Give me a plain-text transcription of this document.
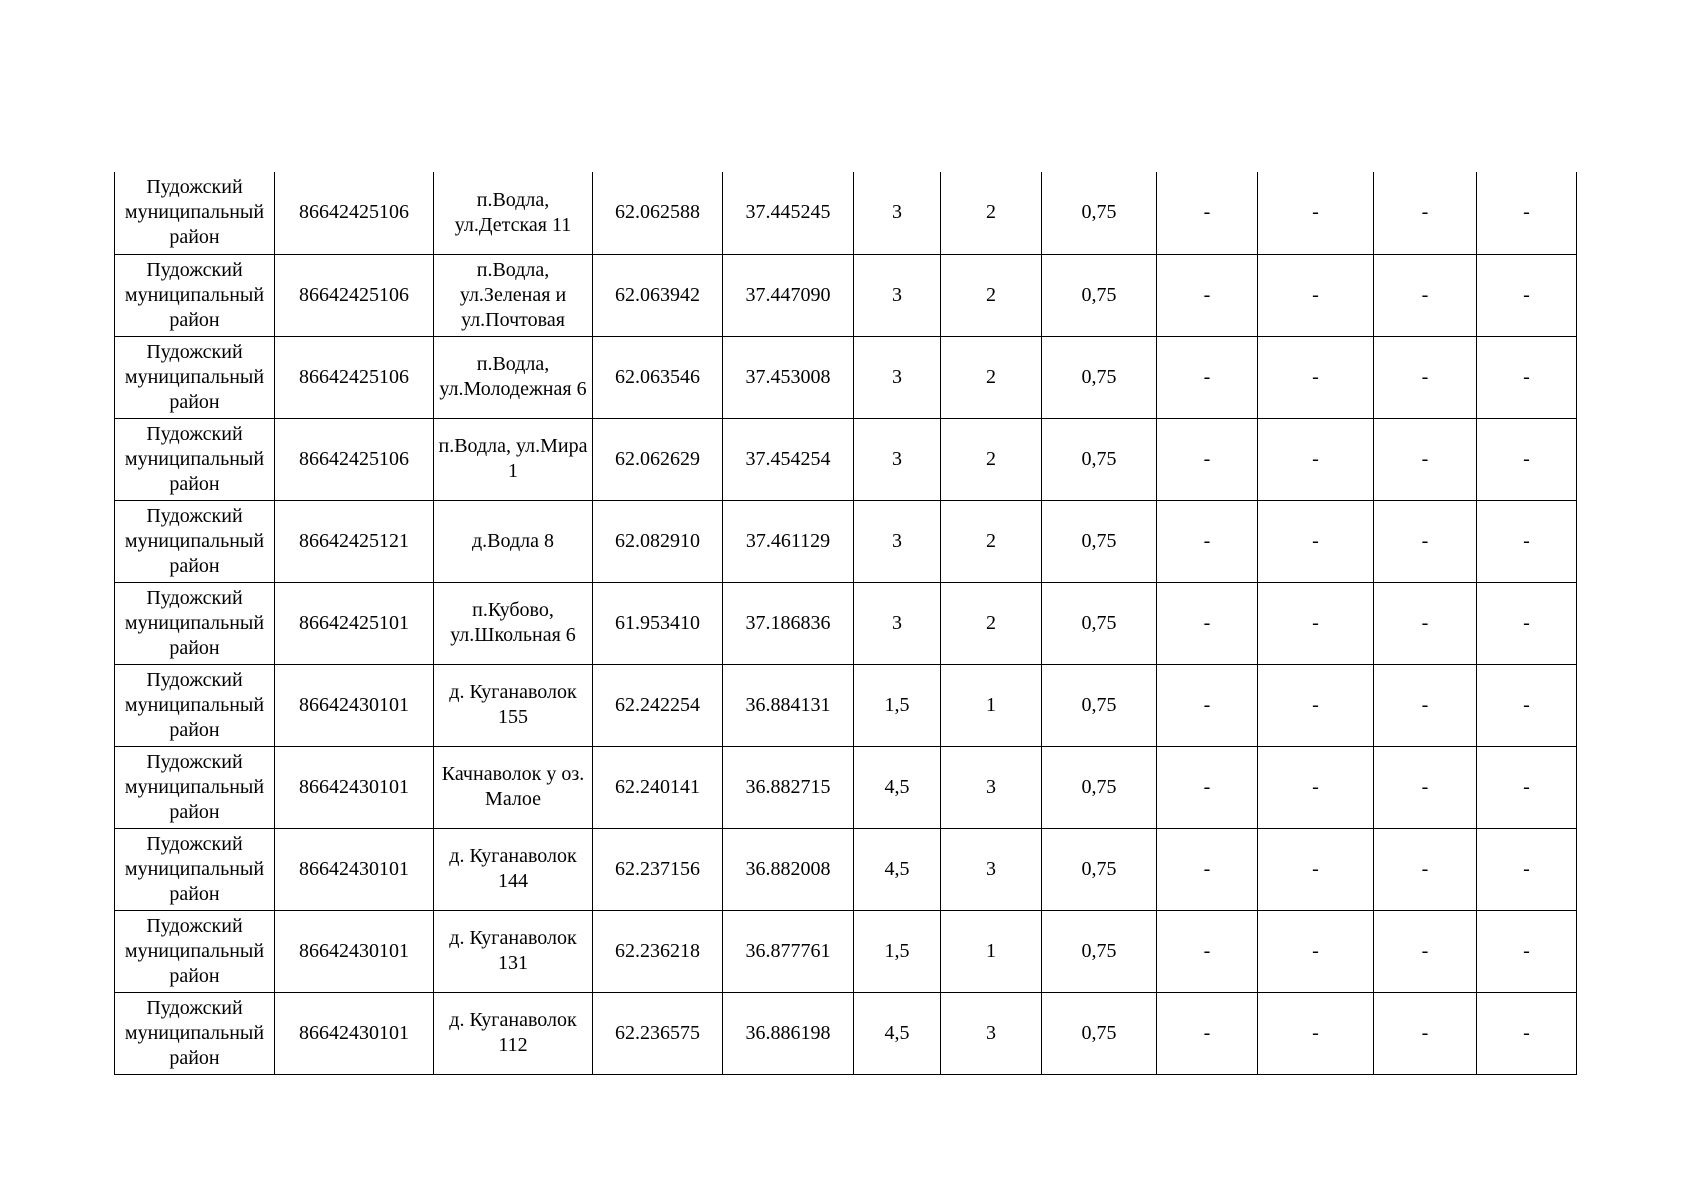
Пудожский муниципальный район	86642425106	п.Водла, ул.Детская 11	62.062588	37.445245	3	2	0,75	-	-	-	-
Пудожский муниципальный район	86642425106	п.Водла, ул.Зеленая и ул.Почтовая	62.063942	37.447090	3	2	0,75	-	-	-	-
Пудожский муниципальный район	86642425106	п.Водла, ул.Молодежная 6	62.063546	37.453008	3	2	0,75	-	-	-	-
Пудожский муниципальный район	86642425106	п.Водла, ул.Мира 1	62.062629	37.454254	3	2	0,75	-	-	-	-
Пудожский муниципальный район	86642425121	д.Водла 8	62.082910	37.461129	3	2	0,75	-	-	-	-
Пудожский муниципальный район	86642425101	п.Кубово, ул.Школьная 6	61.953410	37.186836	3	2	0,75	-	-	-	-
Пудожский муниципальный район	86642430101	д. Куганаволок 155	62.242254	36.884131	1,5	1	0,75	-	-	-	-
Пудожский муниципальный район	86642430101	Качнаволок у оз. Малое	62.240141	36.882715	4,5	3	0,75	-	-	-	-
Пудожский муниципальный район	86642430101	д. Куганаволок 144	62.237156	36.882008	4,5	3	0,75	-	-	-	-
Пудожский муниципальный район	86642430101	д. Куганаволок 131	62.236218	36.877761	1,5	1	0,75	-	-	-	-
Пудожский муниципальный район	86642430101	д. Куганаволок 112	62.236575	36.886198	4,5	3	0,75	-	-	-	-
